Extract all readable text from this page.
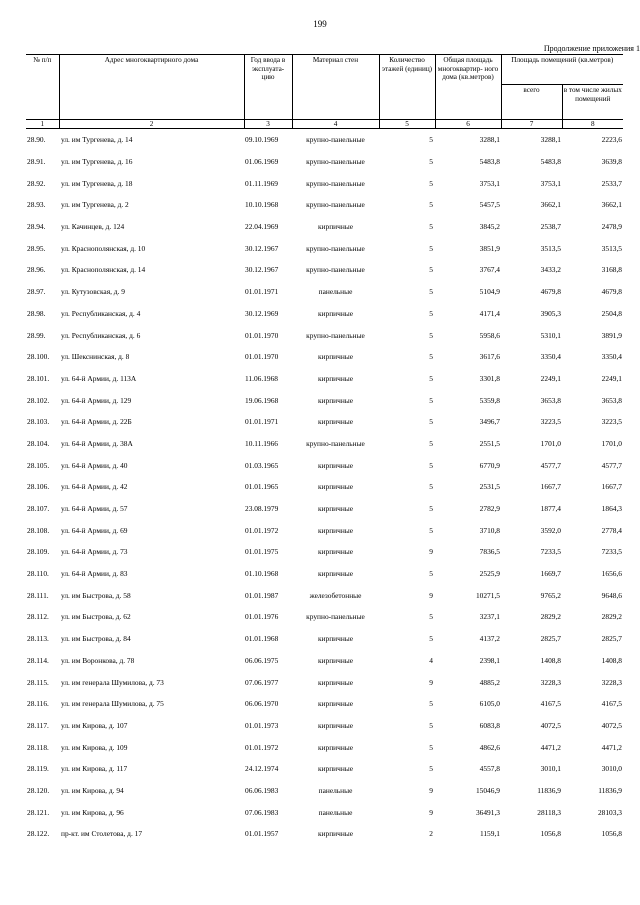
199
Продолжение приложения 1
№ п/п	Адрес многоквартирного дома	Год ввода в эксплуата- цию	Материал стен	Количество этажей (единиц)	Общая площадь многоквартир- ного дома (кв.метров)	Площадь помещений (кв.метров)	
						всего	в том числе жилых помещений
1	2	3	4	5	6	7	8
28.90.	ул. им Тургенева, д. 14	09.10.1969	крупно-панельные	5	3288,1	3288,1	2223,6
28.91.	ул. им Тургенева, д. 16	01.06.1969	крупно-панельные	5	5483,8	5483,8	3639,8
28.92.	ул. им Тургенева, д. 18	01.11.1969	крупно-панельные	5	3753,1	3753,1	2533,7
28.93.	ул. им Тургенева, д. 2	10.10.1968	крупно-панельные	5	5457,5	3662,1	3662,1
28.94.	ул. Качинцев, д. 124	22.04.1969	кирпичные	5	3845,2	2538,7	2478,9
28.95.	ул. Краснополянская, д. 10	30.12.1967	крупно-панельные	5	3851,9	3513,5	3513,5
28.96.	ул. Краснополянская, д. 14	30.12.1967	крупно-панельные	5	3767,4	3433,2	3168,8
28.97.	ул. Кутузовская, д. 9	01.01.1971	панельные	5	5104,9	4679,8	4679,8
28.98.	ул. Республиканская, д. 4	30.12.1969	кирпичные	5	4171,4	3905,3	2504,8
28.99.	ул. Республиканская, д. 6	01.01.1970	крупно-панельные	5	5958,6	5310,1	3891,9
28.100.	ул. Шекснинская, д. 8	01.01.1970	кирпичные	5	3617,6	3350,4	3350,4
28.101.	ул. 64-й Армии, д. 113А	11.06.1968	кирпичные	5	3301,8	2249,1	2249,1
28.102.	ул. 64-й Армии, д. 129	19.06.1968	кирпичные	5	5359,8	3653,8	3653,8
28.103.	ул. 64-й Армии, д. 22Б	01.01.1971	кирпичные	5	3496,7	3223,5	3223,5
28.104.	ул. 64-й Армии, д. 38А	10.11.1966	крупно-панельные	5	2551,5	1701,0	1701,0
28.105.	ул. 64-й Армии, д. 40	01.03.1965	кирпичные	5	6770,9	4577,7	4577,7
28.106.	ул. 64-й Армии, д. 42	01.01.1965	кирпичные	5	2531,5	1667,7	1667,7
28.107.	ул. 64-й Армии, д. 57	23.08.1979	кирпичные	5	2782,9	1877,4	1864,3
28.108.	ул. 64-й Армии, д. 69	01.01.1972	кирпичные	5	3710,8	3592,0	2778,4
28.109.	ул. 64-й Армии, д. 73	01.01.1975	кирпичные	9	7836,5	7233,5	7233,5
28.110.	ул. 64-й Армии, д. 83	01.10.1968	кирпичные	5	2525,9	1669,7	1656,6
28.111.	ул. им Быстрова, д. 58	01.01.1987	железобетонные	9	10271,5	9765,2	9648,6
28.112.	ул. им Быстрова, д. 62	01.01.1976	крупно-панельные	5	3237,1	2829,2	2829,2
28.113.	ул. им Быстрова, д. 84	01.01.1968	кирпичные	5	4137,2	2825,7	2825,7
28.114.	ул. им Воронкова, д. 78	06.06.1975	кирпичные	4	2398,1	1408,8	1408,8
28.115.	ул. им генерала Шумилова, д. 73	07.06.1977	кирпичные	9	4885,2	3228,3	3228,3
28.116.	ул. им генерала Шумилова, д. 75	06.06.1970	кирпичные	5	6105,0	4167,5	4167,5
28.117.	ул. им Кирова, д. 107	01.01.1973	кирпичные	5	6083,8	4072,5	4072,5
28.118.	ул. им Кирова, д. 109	01.01.1972	кирпичные	5	4862,6	4471,2	4471,2
28.119.	ул. им Кирова, д. 117	24.12.1974	кирпичные	5	4557,8	3010,1	3010,0
28.120.	ул. им Кирова, д. 94	06.06.1983	панельные	9	15046,9	11836,9	11836,9
28.121.	ул. им Кирова, д. 96	07.06.1983	панельные	9	36491,3	28118,3	28103,3
28.122.	пр-кт. им Столетова, д. 17	01.01.1957	кирпичные	2	1159,1	1056,8	1056,8
